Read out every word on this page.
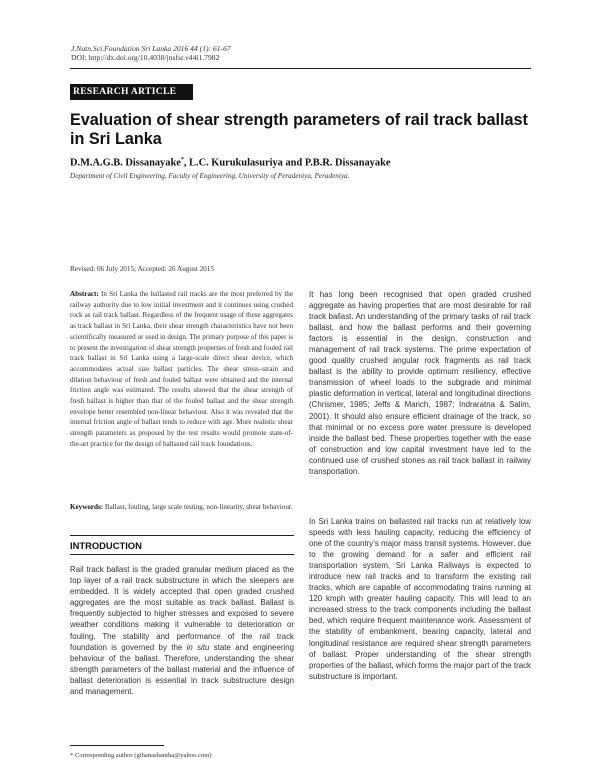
J.Natn.Sci.Foundation Sri Lanka 2016 44 (1): 61-67
DOI: http://dx.doi.org/10.4038/jnsfsr.v44i1.7982
RESEARCH ARTICLE
Evaluation of shear strength parameters of rail track ballast in Sri Lanka
D.M.A.G.B. Dissanayake*, L.C. Kurukulasuriya and P.B.R. Dissanayake
Department of Civil Engineering, Faculty of Engineering, University of Peradeniya, Peradeniya.
Revised: 06 July 2015; Accepted: 26 August 2015

Abstract: In Sri Lanka the ballasted rail tracks are the most preferred by the railway authority due to low initial investment and it continues using crushed rock as rail track ballast. Regardless of the frequent usage of these aggregates as track ballast in Sri Lanka, their shear strength characteristics have not been scientifically measured or used in design. The primary purpose of this paper is to present the investigation of shear strength properties of fresh and fouled rail track ballast in Sri Lanka using a large-scale direct shear device, which accommodates actual size ballast particles. The shear stress–strain and dilation behaviour of fresh and fouled ballast were obtained and the internal friction angle was estimated. The results showed that the shear strength of fresh ballast is higher than that of the fouled ballast and the shear strength envelope better resembled non-linear behaviour. Also it was revealed that the internal friction angle of ballast tends to reduce with age. More realistic shear strength parameters as proposed by the test results would promote state-of-the-art practice for the design of ballasted rail track foundations.

Keywords: Ballast, fouling, large scale testing, non-linearity, shear behaviour.

INTRODUCTION

Rail track ballast is the graded granular medium placed as the top layer of a rail track substructure in which the sleepers are embedded. It is widely accepted that open graded crushed aggregates are the most suitable as track ballast. Ballast is frequently subjected to higher stresses and exposed to severe weather conditions making it vulnerable to deterioration or fouling. The stability and performance of the rail track foundation is governed by the in situ state and engineering behaviour of the ballast. Therefore, understanding the shear strength parameters of the ballast material and the influence of ballast deterioration is essential in track substructure design and management.

It has long been recognised that open graded crushed aggregate as having properties that are most desirable for rail track ballast. An understanding of the primary tasks of rail track ballast, and how the ballast performs and their governing factors is essential in the design, construction and management of rail track systems. The prime expectation of good quality crushed angular rock fragments as rail track ballast is the ability to provide optimum resiliency, effective transmission of wheel loads to the subgrade and minimal plastic deformation in vertical, lateral and longitudinal directions (Chrismer, 1985; Jeffs & Marich, 1987; Indraratna & Salim, 2001). It should also ensure efficient drainage of the track, so that minimal or no excess pore water pressure is developed inside the ballast bed. These properties together with the ease of construction and low capital investment have led to the continued use of crushed stones as rail track ballast in railway transportation.

In Sri Lanka trains on ballasted rail tracks run at relatively low speeds with less hauling capacity, reducing the efficiency of one of the country’s major mass transit systems. However, due to the growing demand for a safer and efficient rail transportation system, Sri Lanka Railways is expected to introduce new rail tracks and to transform the existing rail tracks, which are capable of accommodating trains running at 120 kmph with greater hauling capacity. This will lead to an increased stress to the track components including the ballast bed, which require frequent maintenance work. Assessment of the stability of embankment, bearing capacity, lateral and longitudinal resistance are required shear strength parameters of ballast. Proper understanding of the shear strength properties of the ballast, which forms the major part of the track substructure is important.

* Corresponding author (gihanashantha@yahoo.com)
